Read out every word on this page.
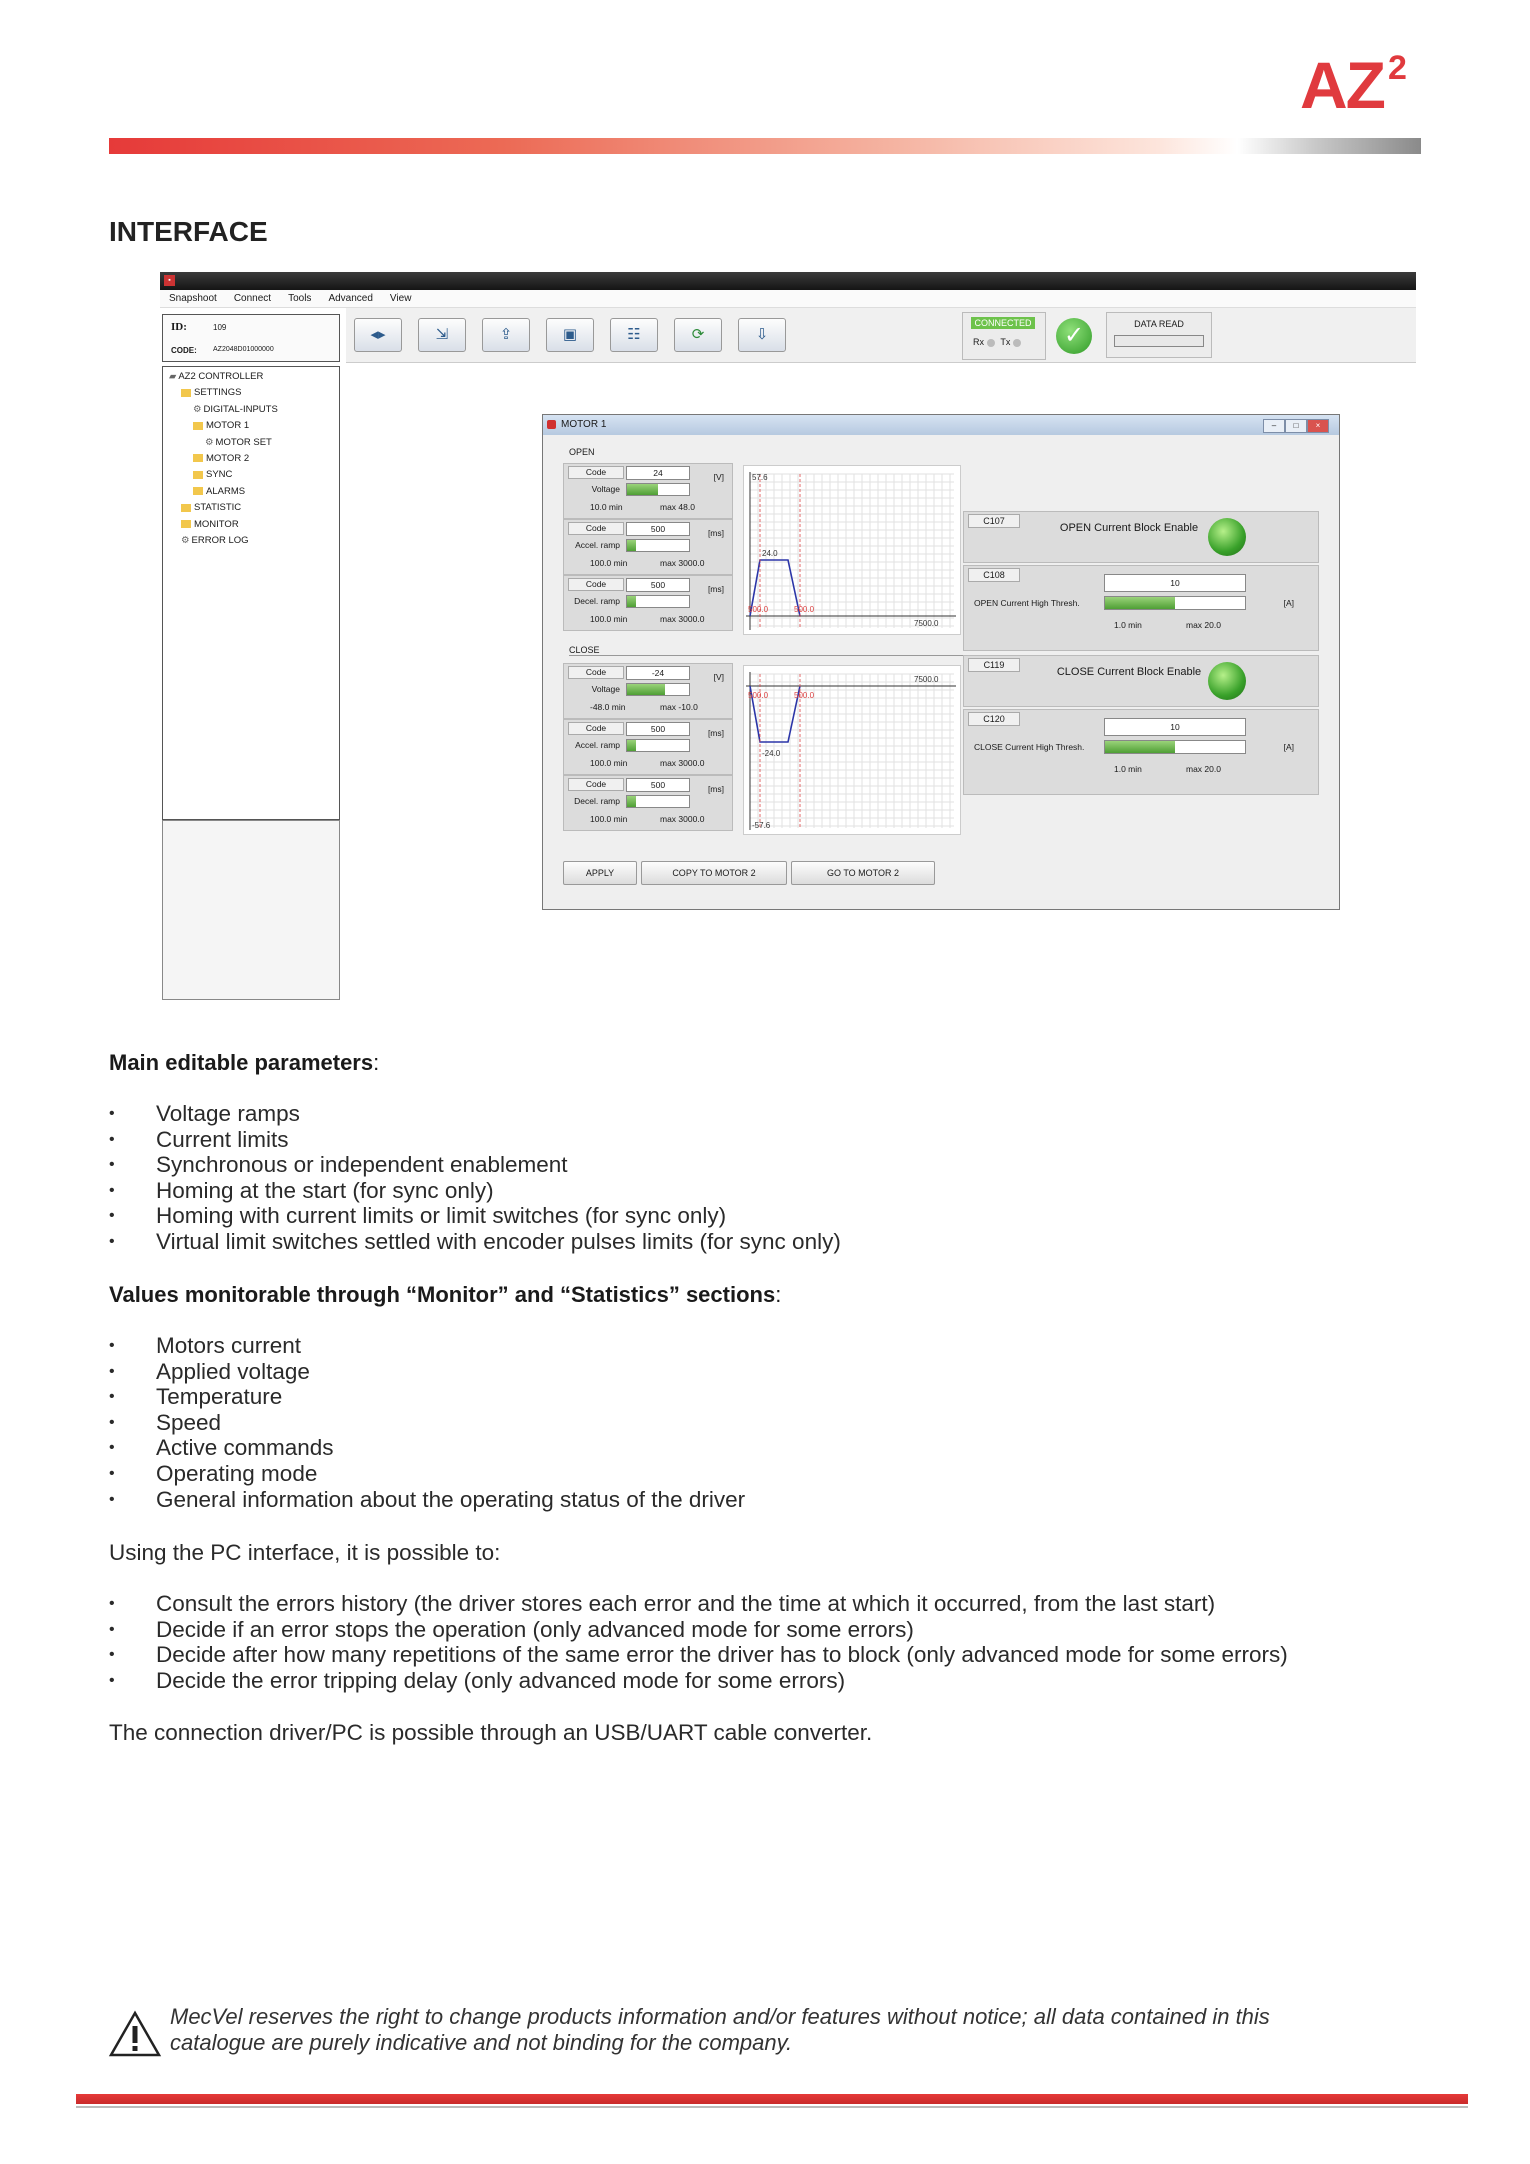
AZ $^2$
INTERFACE
▪
Snapshoot Connect Tools Advanced View
ID:	109
CODE: AZ2048D01000000
◂▸	⇲	⇪	▣	☷	⟳	⇩
CONNECTED
Rx Tx	✓	DATA READ
▰ AZ2 CONTROLLER
SETTINGS
⚙ DIGITAL-INPUTS
MOTOR 1
⚙ MOTOR SET
MOTOR 2
SYNC
ALARMS
STATISTIC
MONITOR
⚙ ERROR LOG
MOTOR 1	–	□	×
OPEN
CLOSE
57.6
24.0
500.0	500.0
7500.0
-57.6
-24.0
500.0	500.0
7500.0
C107
OPEN Current Block Enable
C108
OPEN Current High Thresh.
10
[A]
1.0 min	max 20.0
C119
CLOSE Current Block Enable
C120
CLOSE Current High Thresh.
10
[A]
1.0 min	max 20.0
APPLY	COPY TO MOTOR 2	GO TO MOTOR 2
Code	24	[V]
Voltage
10.0 min	max 48.0
Code	500	[ms]
Accel. ramp
100.0 min	max 3000.0
Code	500	[ms]
Decel. ramp
100.0 min	max 3000.0
Code	-24	[V]
Voltage
-48.0 min	max -10.0
Code	500	[ms]
Accel. ramp
100.0 min	max 3000.0
Code	500	[ms]
Decel. ramp
100.0 min	max 3000.0
Main editable parameters:
• Voltage ramps
• Current limits
• Synchronous or independent enablement
• Homing at the start (for sync only)
• Homing with current limits or limit switches (for sync only)
• Virtual limit switches settled with encoder pulses limits (for sync only)
Values monitorable through “Monitor” and “Statistics” sections:
• Motors current
• Applied voltage
• Temperature
• Speed
• Active commands
• Operating mode
• General information about the operating status of the driver
Using the PC interface, it is possible to:
• Consult the errors history (the driver stores each error and the time at which it occurred, from the last start)
• Decide if an error stops the operation (only advanced mode for some errors)
• Decide after how many repetitions of the same error the driver has to block (only advanced mode for some errors)
• Decide the error tripping delay (only advanced mode for some errors)
The connection driver/PC is possible through an USB/UART cable converter.
MecVel reserves the right to change products information and/or features without notice; all data contained in this
catalogue are purely indicative and not binding for the company.
